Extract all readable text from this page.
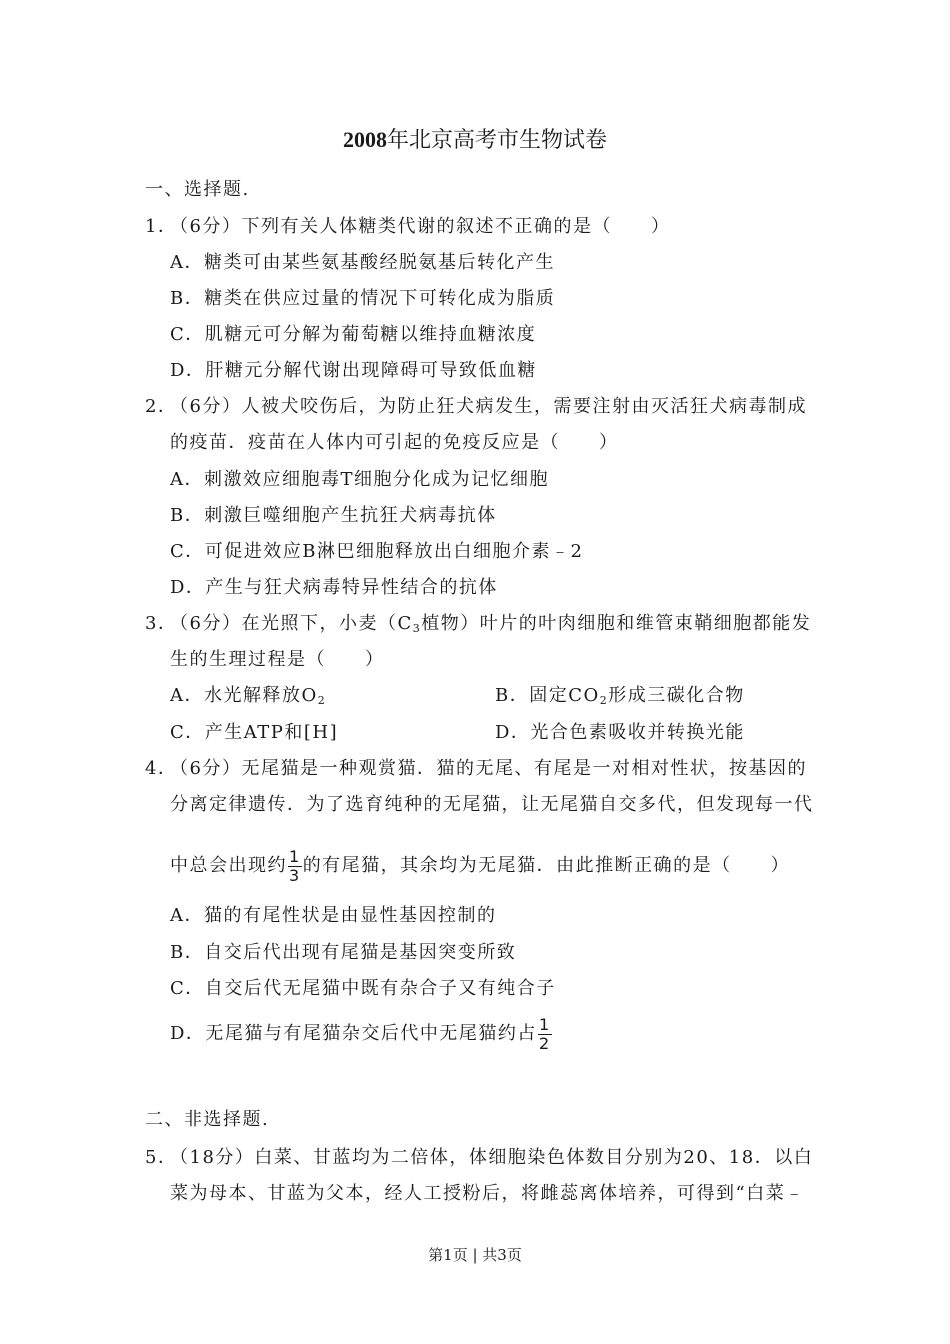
2008年北京高考市生物试卷
一、选择题.
1．
（6分）下列有关人体糖类代谢的叙述不正确的是（　　）
A．糖类可由某些氨基酸经脱氨基后转化产生
B．糖类在供应过量的情况下可转化成为脂质
C．肌糖元可分解为葡萄糖以维持血糖浓度
D．肝糖元分解代谢出现障碍可导致低血糖
2．
（6分）人被犬咬伤后，为防止狂犬病发生，需要注射由灭活狂犬病毒制成
的疫苗．疫苗在人体内可引起的免疫反应是（　　）
A．刺激效应细胞毒T细胞分化成为记忆细胞
B．刺激巨噬细胞产生抗狂犬病毒抗体
C．可促进效应B淋巴细胞释放出白细胞介素﹣2
D．产生与狂犬病毒特异性结合的抗体
3．
（6分）在光照下，小麦（$C_3$植物）叶片的叶肉细胞和维管束鞘细胞都能发
生的生理过程是（　　）
A．水光解释放$O_2$	B．固定$CO_2$形成三碳化合物
C．产生ATP和[H]	D．光合色素吸收并转换光能
4．
（6分）无尾猫是一种观赏猫．猫的无尾、有尾是一对相对性状，按基因的
分离定律遗传．为了选育纯种的无尾猫，让无尾猫自交多代，但发现每一代
中总会出现约 $\frac{1}{3}$ 的有尾猫，其余均为无尾猫．由此推断正确的是（　　）
A．猫的有尾性状是由显性基因控制的
B．自交后代出现有尾猫是基因突变所致
C．自交后代无尾猫中既有杂合子又有纯合子
D．无尾猫与有尾猫杂交后代中无尾猫约占 $\frac{1}{2}$
二、非选择题.
5．
（18分）白菜、甘蓝均为二倍体，体细胞染色体数目分别为20、18．以白
菜为母本、甘蓝为父本，经人工授粉后，将雌蕊离体培养，可得到“白菜﹣
第1页 | 共3页
